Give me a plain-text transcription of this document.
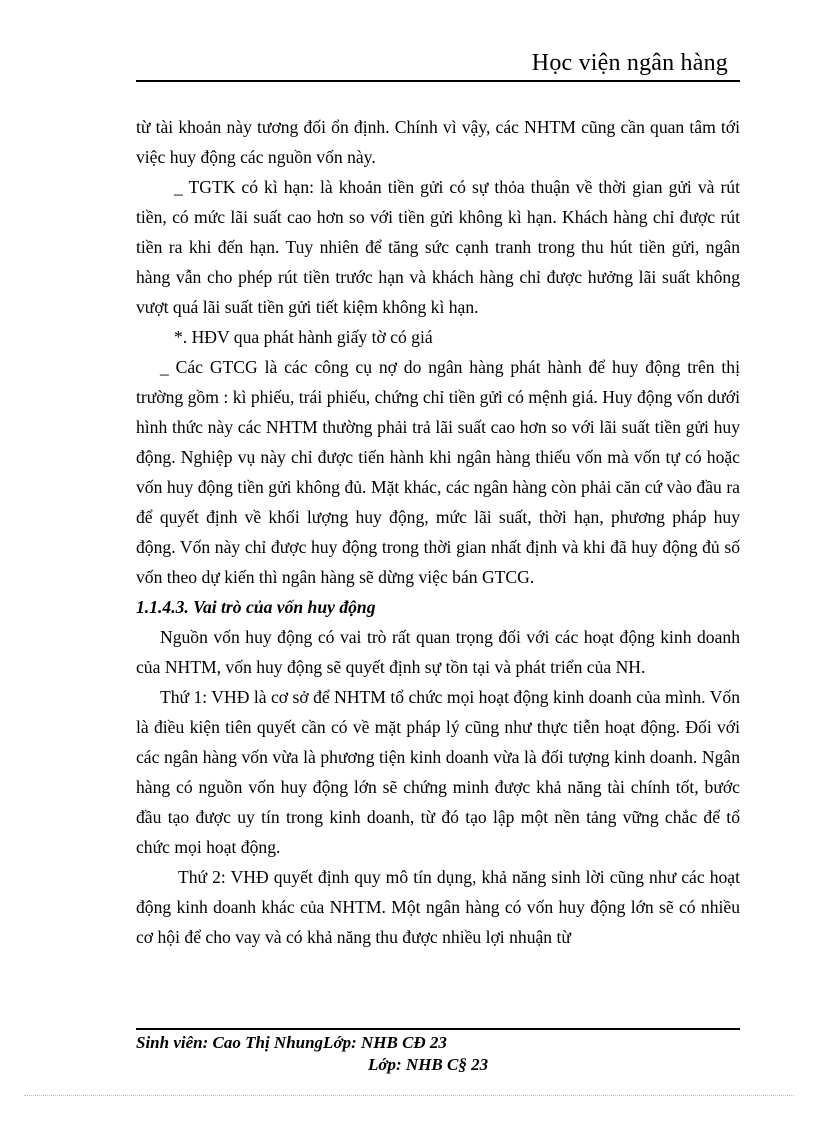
Học viện ngân hàng

từ tài khoản này tương đối ổn định. Chính vì vậy, các NHTM cũng cần quan tâm tới việc huy động các nguồn vốn này.

_ TGTK có kì hạn: là khoản tiền gửi có sự thỏa thuận về thời gian gửi và rút tiền, có mức lãi suất cao hơn so với tiền gửi không kì hạn. Khách hàng chỉ được rút tiền ra khi đến hạn. Tuy nhiên để tăng sức cạnh tranh trong thu hút tiền gửi, ngân hàng vẫn cho phép rút tiền trước hạn và khách hàng chỉ được hưởng lãi suất không vượt quá lãi suất tiền gửi tiết kiệm không kì hạn.

*. HĐV qua phát hành giấy tờ có giá

_ Các GTCG là các công cụ nợ do ngân hàng phát hành để huy động trên thị trường gồm : kì phiếu, trái phiếu, chứng chỉ tiền gửi có mệnh giá. Huy động vốn dưới hình thức này các NHTM thường phải trả lãi suất cao hơn so với lãi suất tiền gửi huy động. Nghiệp vụ này chỉ được tiến hành khi ngân hàng thiếu vốn mà vốn tự có hoặc vốn huy động tiền gửi không đủ. Mặt khác, các ngân hàng còn phải căn cứ vào đầu ra để quyết định về khối lượng huy động, mức lãi suất, thời hạn, phương pháp huy động. Vốn này chỉ được huy động trong thời gian nhất định và khi đã huy động đủ số vốn theo dự kiến thì ngân hàng sẽ dừng việc bán GTCG.

1.1.4.3. Vai trò của vốn huy động

Nguồn vốn huy động có vai trò rất quan trọng đối với các hoạt động kinh doanh của NHTM, vốn huy động sẽ quyết định sự tồn tại và phát triển của NH.

Thứ 1: VHĐ là cơ sở để NHTM tổ chức mọi hoạt động kinh doanh của mình. Vốn là điều kiện tiên quyết cần có về mặt pháp lý cũng như thực tiễn hoạt động. Đối với các ngân hàng vốn vừa là phương tiện kinh doanh vừa là đối tượng kinh doanh. Ngân hàng có nguồn vốn huy động lớn sẽ chứng minh được khả năng tài chính tốt, bước đầu tạo được uy tín trong kinh doanh, từ đó tạo lập một nền tảng vững chắc để tổ chức mọi hoạt động.

Thứ 2: VHĐ quyết định quy mô tín dụng, khả năng sinh lời cũng như các hoạt động kinh doanh khác của NHTM. Một ngân hàng có vốn huy động lớn sẽ có nhiều cơ hội để cho vay và có khả năng thu được nhiều lợi nhuận từ

Sinh viên: Cao Thị NhungLớp: NHB CĐ 23
Lớp: NHB C§ 23
